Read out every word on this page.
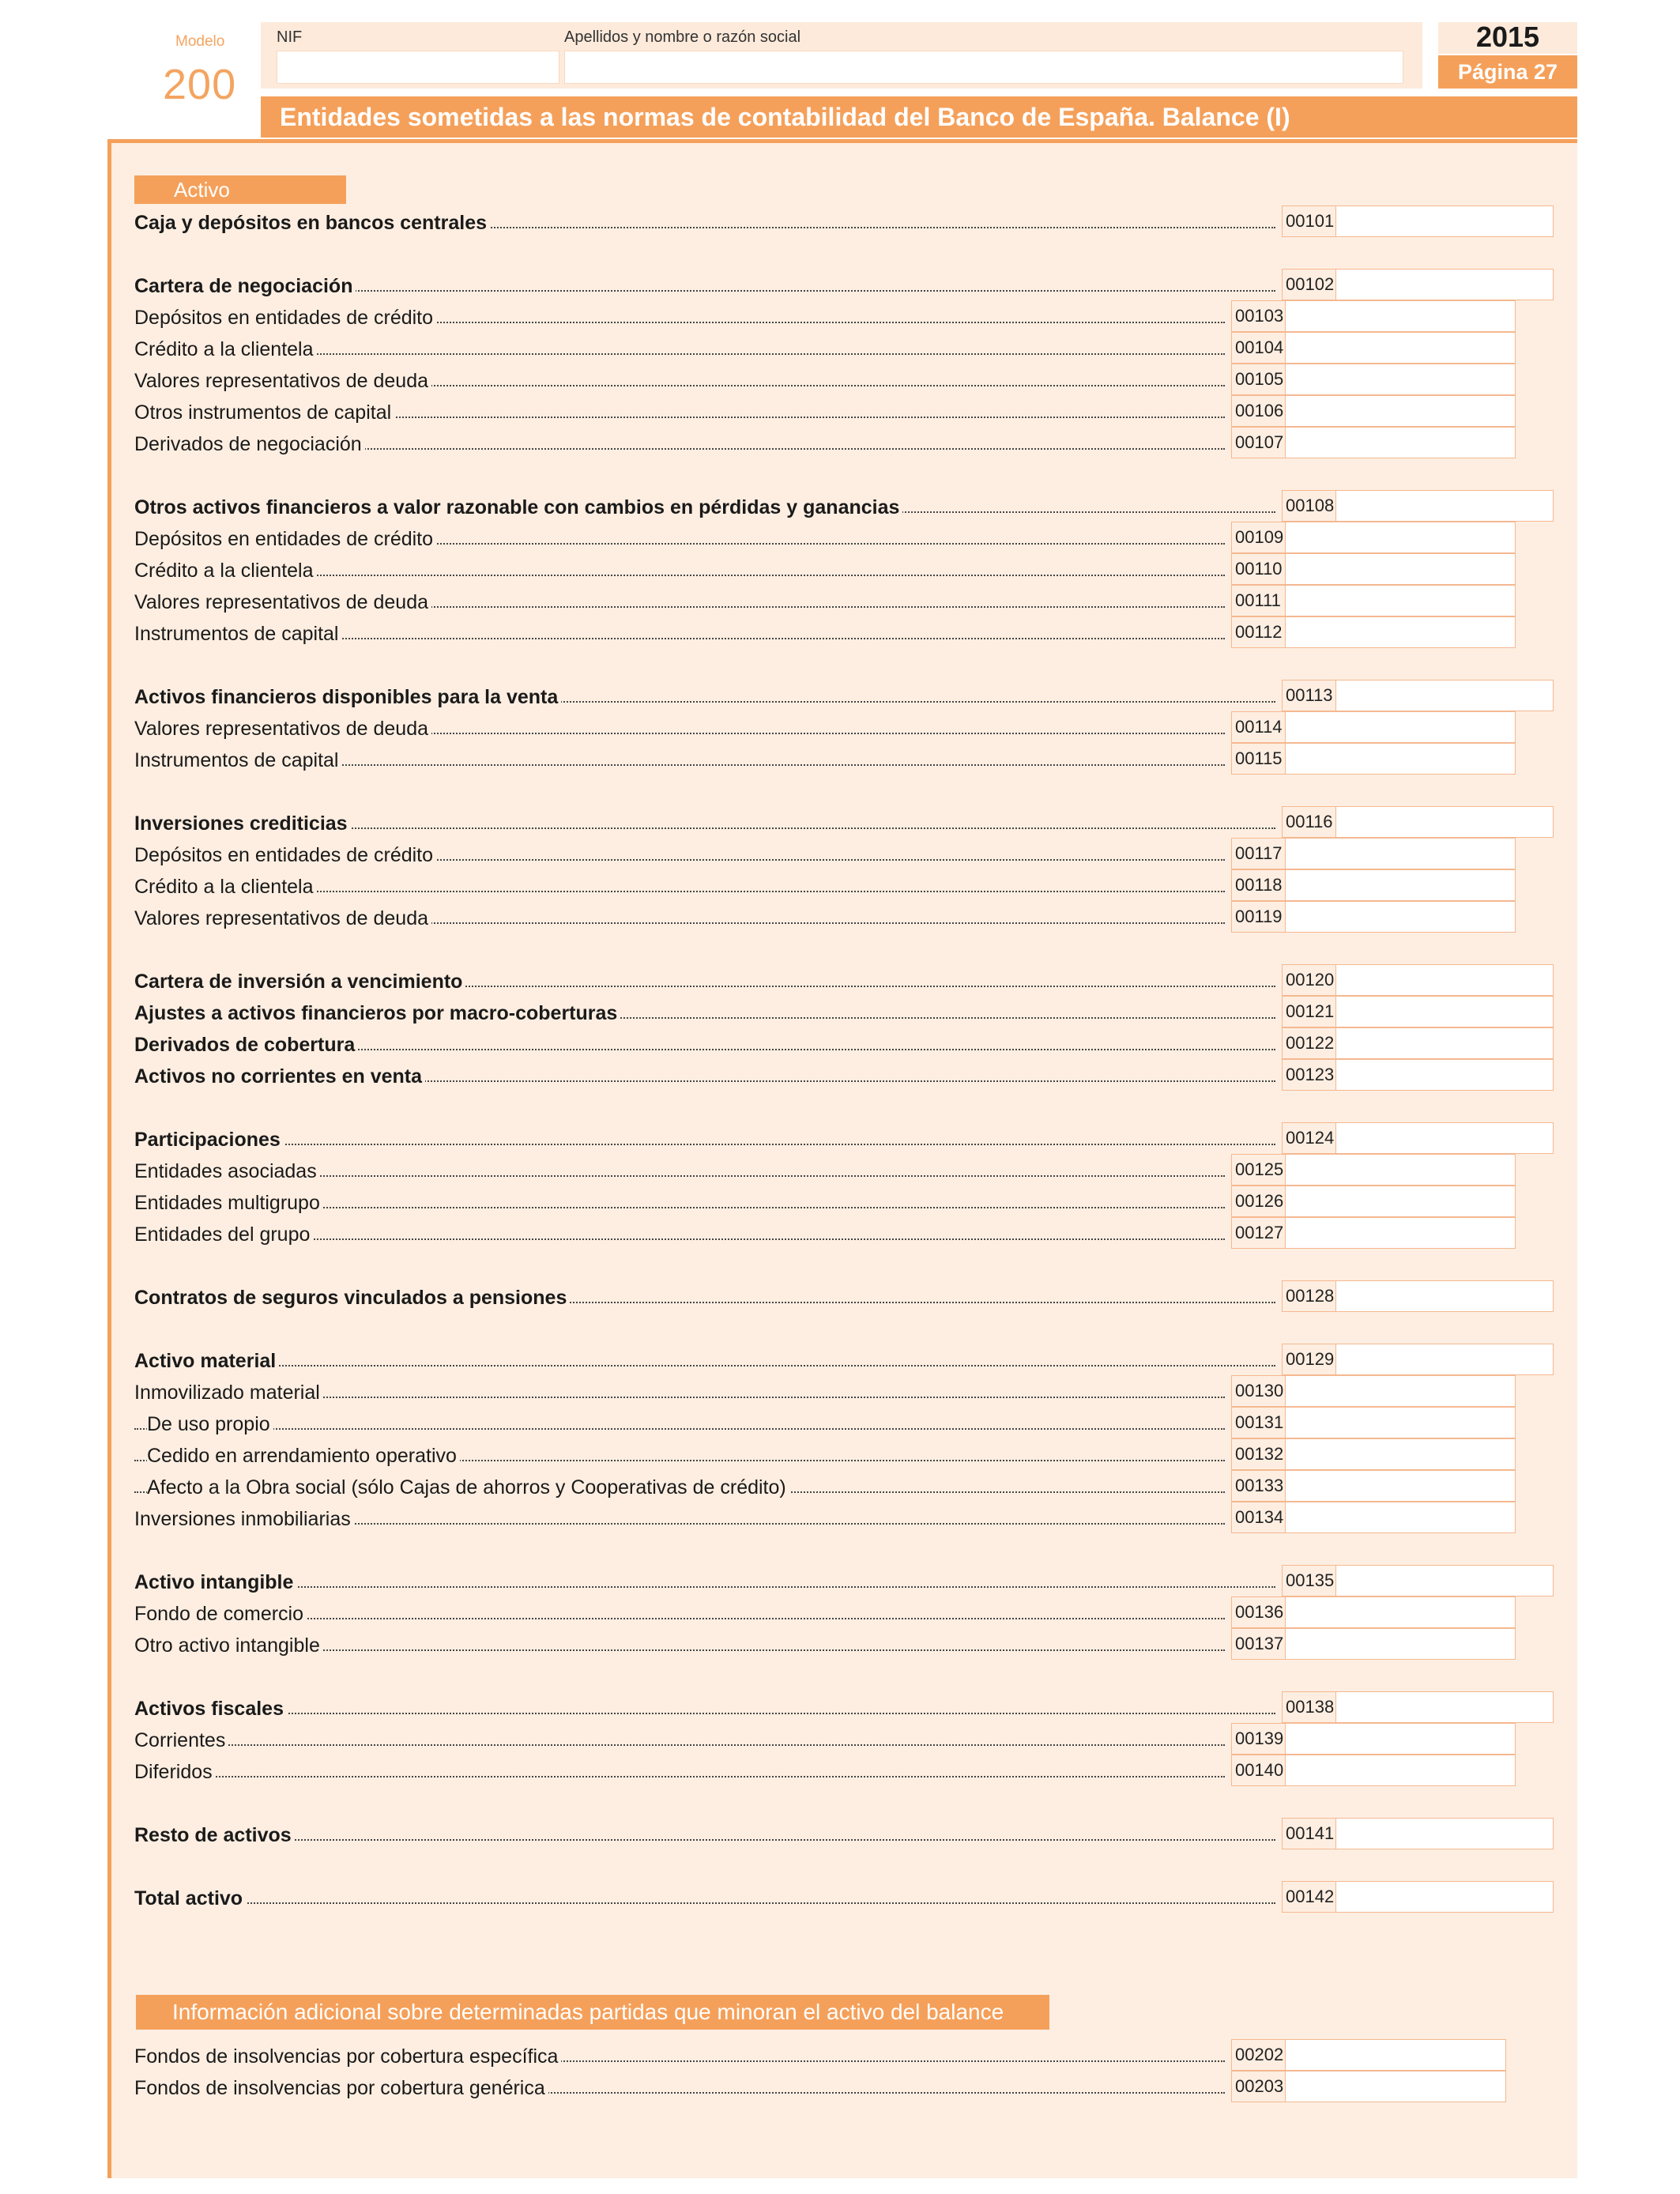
Modelo
200
NIF	Apellidos y nombre o razón social	2015
Página 27
Entidades sometidas a las normas de contabilidad del Banco de España. Balance (I)
Activo
Información adicional sobre determinadas partidas que minoran el activo del balance
Caja y depósitos en bancos centrales	00101
Cartera de negociación	00102
Depósitos en entidades de crédito	00103
Crédito a la clientela	00104
Valores representativos de deuda	00105
Otros instrumentos de capital	00106
Derivados de negociación	00107
Otros activos financieros a valor razonable con cambios en pérdidas y ganancias	00108
Depósitos en entidades de crédito	00109
Crédito a la clientela	00110
Valores representativos de deuda	00111
Instrumentos de capital	00112
Activos financieros disponibles para la venta	00113
Valores representativos de deuda	00114
Instrumentos de capital	00115
Inversiones crediticias	00116
Depósitos en entidades de crédito	00117
Crédito a la clientela	00118
Valores representativos de deuda	00119
Cartera de inversión a vencimiento	00120
Ajustes a activos financieros por macro-coberturas	00121
Derivados de cobertura	00122
Activos no corrientes en venta	00123
Participaciones	00124
Entidades asociadas	00125
Entidades multigrupo	00126
Entidades del grupo	00127
Contratos de seguros vinculados a pensiones	00128
Activo material	00129
Inmovilizado material	00130
De uso propio	00131
Cedido en arrendamiento operativo	00132
Afecto a la Obra social (sólo Cajas de ahorros y Cooperativas de crédito)	00133
Inversiones inmobiliarias	00134
Activo intangible	00135
Fondo de comercio	00136
Otro activo intangible	00137
Activos fiscales	00138
Corrientes	00139
Diferidos	00140
Resto de activos	00141
Total activo	00142
Fondos de insolvencias por cobertura específica	00202
Fondos de insolvencias por cobertura genérica	00203
